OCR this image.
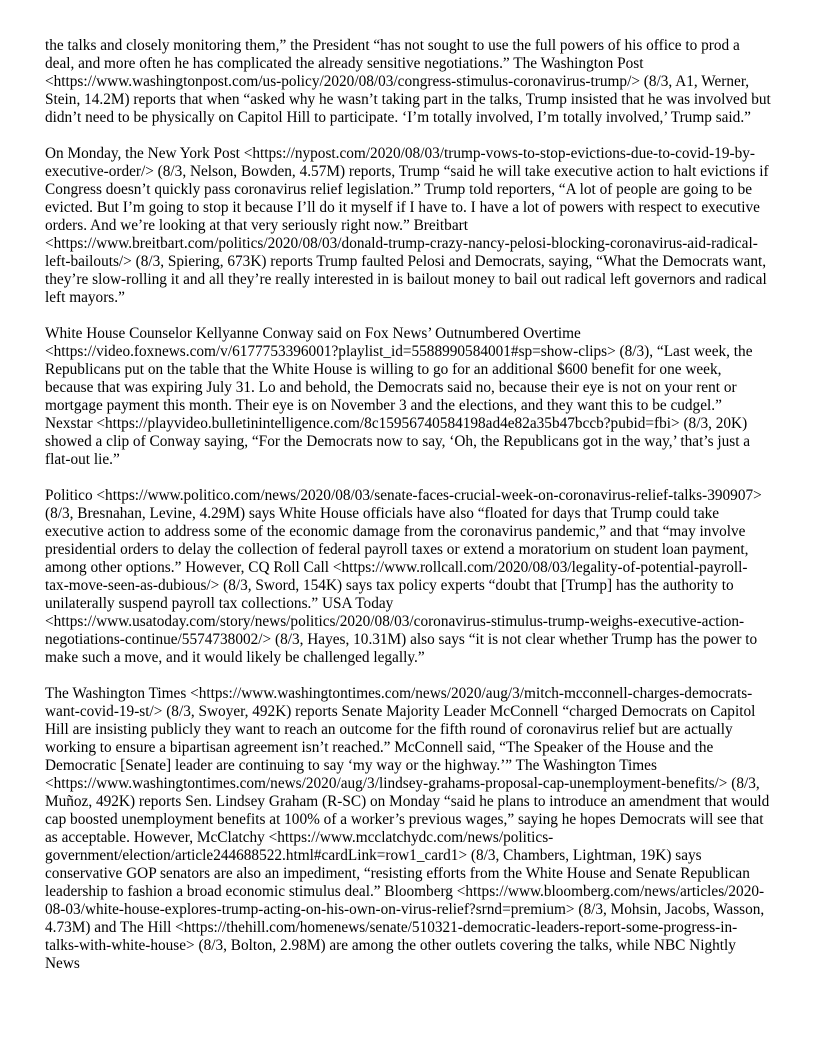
the talks and closely monitoring them,” the President “has not sought to use the full powers of his office to prod a deal, and more often he has complicated the already sensitive negotiations.” The Washington Post <https://www.washingtonpost.com/us-policy/2020/08/03/congress-stimulus-coronavirus-trump/> (8/3, A1, Werner, Stein, 14.2M) reports that when “asked why he wasn’t taking part in the talks, Trump insisted that he was involved but didn’t need to be physically on Capitol Hill to participate. ‘I’m totally involved, I’m totally involved,’ Trump said.”

On Monday, the New York Post <https://nypost.com/2020/08/03/trump-vows-to-stop-evictions-due-to-covid-19-by-executive-order/> (8/3, Nelson, Bowden, 4.57M) reports, Trump “said he will take executive action to halt evictions if Congress doesn’t quickly pass coronavirus relief legislation.” Trump told reporters, “A lot of people are going to be evicted. But I’m going to stop it because I’ll do it myself if I have to. I have a lot of powers with respect to executive orders. And we’re looking at that very seriously right now.” Breitbart <https://www.breitbart.com/politics/2020/08/03/donald-trump-crazy-nancy-pelosi-blocking-coronavirus-aid-radical-left-bailouts/> (8/3, Spiering, 673K) reports Trump faulted Pelosi and Democrats, saying, “What the Democrats want, they’re slow-rolling it and all they’re really interested in is bailout money to bail out radical left governors and radical left mayors.”

White House Counselor Kellyanne Conway said on Fox News’ Outnumbered Overtime <https://video.foxnews.com/v/6177753396001?playlist_id=5588990584001#sp=show-clips> (8/3), “Last week, the Republicans put on the table that the White House is willing to go for an additional $600 benefit for one week, because that was expiring July 31. Lo and behold, the Democrats said no, because their eye is not on your rent or mortgage payment this month. Their eye is on November 3 and the elections, and they want this to be cudgel.” Nexstar <https://playvideo.bulletinintelligence.com/8c15956740584198ad4e82a35b47bccb?pubid=fbi> (8/3, 20K) showed a clip of Conway saying, “For the Democrats now to say, ‘Oh, the Republicans got in the way,’ that’s just a flat-out lie.”

Politico <https://www.politico.com/news/2020/08/03/senate-faces-crucial-week-on-coronavirus-relief-talks-390907> (8/3, Bresnahan, Levine, 4.29M) says White House officials have also “floated for days that Trump could take executive action to address some of the economic damage from the coronavirus pandemic,” and that “may involve presidential orders to delay the collection of federal payroll taxes or extend a moratorium on student loan payment, among other options.” However, CQ Roll Call <https://www.rollcall.com/2020/08/03/legality-of-potential-payroll-tax-move-seen-as-dubious/> (8/3, Sword, 154K) says tax policy experts “doubt that [Trump] has the authority to unilaterally suspend payroll tax collections.” USA Today <https://www.usatoday.com/story/news/politics/2020/08/03/coronavirus-stimulus-trump-weighs-executive-action-negotiations-continue/5574738002/> (8/3, Hayes, 10.31M) also says “it is not clear whether Trump has the power to make such a move, and it would likely be challenged legally.”

The Washington Times <https://www.washingtontimes.com/news/2020/aug/3/mitch-mcconnell-charges-democrats-want-covid-19-st/> (8/3, Swoyer, 492K) reports Senate Majority Leader McConnell “charged Democrats on Capitol Hill are insisting publicly they want to reach an outcome for the fifth round of coronavirus relief but are actually working to ensure a bipartisan agreement isn’t reached.” McConnell said, “The Speaker of the House and the Democratic [Senate] leader are continuing to say ‘my way or the highway.’” The Washington Times <https://www.washingtontimes.com/news/2020/aug/3/lindsey-grahams-proposal-cap-unemployment-benefits/> (8/3, Muñoz, 492K) reports Sen. Lindsey Graham (R-SC) on Monday “said he plans to introduce an amendment that would cap boosted unemployment benefits at 100% of a worker’s previous wages,” saying he hopes Democrats will see that as acceptable. However, McClatchy <https://www.mcclatchydc.com/news/politics-government/election/article244688522.html#cardLink=row1_card1> (8/3, Chambers, Lightman, 19K) says conservative GOP senators are also an impediment, “resisting efforts from the White House and Senate Republican leadership to fashion a broad economic stimulus deal.” Bloomberg <https://www.bloomberg.com/news/articles/2020-08-03/white-house-explores-trump-acting-on-his-own-on-virus-relief?srnd=premium> (8/3, Mohsin, Jacobs, Wasson, 4.73M) and The Hill <https://thehill.com/homenews/senate/510321-democratic-leaders-report-some-progress-in-talks-with-white-house> (8/3, Bolton, 2.98M) are among the other outlets covering the talks, while NBC Nightly News
